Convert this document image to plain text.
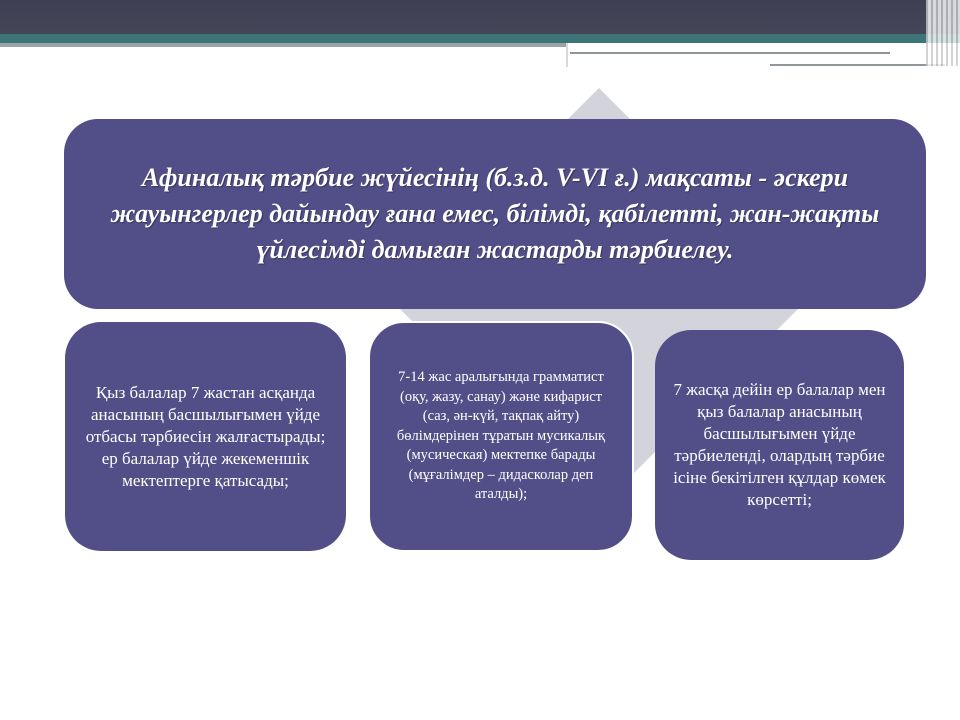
Афиналық тәрбие жүйесінің (б.з.д. V-VI ғ.) мақсаты - әскери жауынгерлер дайындау ғана емес, білімді, қабілетті, жан-жақты үйлесімді дамыған жастарды тәрбиелеу.
Қыз балалар 7 жастан асқанда анасының басшылығымен үйде отбасы тәрбиесін жалғастырады; ер балалар үйде жекеменшік мектептерге қатысады;
7-14 жас аралығында грамматист (оқу, жазу, санау) және кифарист (саз, ән-күй, тақпақ айту) бөлімдерінен тұратын мусикалық (мусическая) мектепке барады (мұғалімдер – дидасколар деп аталды);
7 жасқа дейін ер балалар мен қыз балалар анасының басшылығымен үйде тәрбиеленді, олардың тәрбие ісіне бекітілген құлдар көмек көрсетті;
